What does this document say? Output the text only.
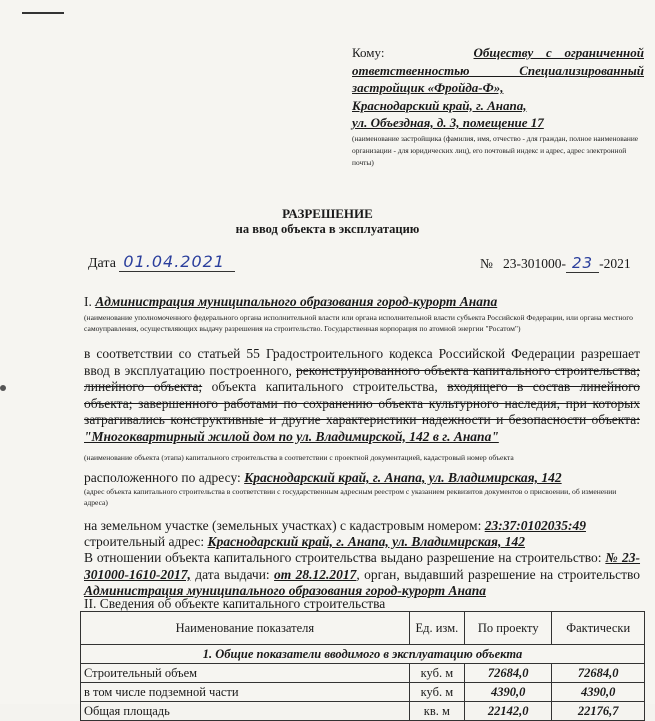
Кому:	Обществу с ограниченной
ответственностью Специализированный
застройщик «Фройда-Ф»,
Краснодарский край, г. Анапа,
ул. Объездная, д. 3, помещение 17
(наименование застройщика (фамилия, имя, отчество - для граждан, полное наименование организации - для юридических лиц), его почтовый индекс и адрес, адрес электронной почты)
РАЗРЕШЕНИЕ
на ввод объекта в эксплуатацию
Дата 01.04.2021	№ 23-301000- 23 -2021
I. Администрация муниципального образования город-курорт Анапа
(наименование уполномоченного федерального органа исполнительной власти или органа исполнительной власти субъекта Российской Федерации, или органа местного самоуправления, осуществляющих выдачу разрешения на строительство. Государственная корпорация по атомной энергии "Росатом")
в соответствии со статьей 55 Градостроительного кодекса Российской Федерации разрешает ввод в эксплуатацию построенного, реконструированного объекта капитального строительства; линейного объекта; объекта капитального строительства, входящего в состав линейного объекта; завершенного работами по сохранению объекта культурного наследия, при которых затрагивались конструктивные и другие характеристики надежности и безопасности объекта: "Многоквартирный жилой дом по ул. Владимирской, 142 в г. Анапа"
(наименование объекта (этапа) капитального строительства в соответствии с проектной документацией, кадастровый номер объекта
расположенного по адресу: Краснодарский край, г. Анапа, ул. Владимирская, 142
(адрес объекта капитального строительства в соответствии с государственным адресным реестром с указанием реквизитов документов о присвоении, об изменении адреса)
на земельном участке (земельных участках) с кадастровым номером: 23:37:0102035:49
строительный адрес: Краснодарский край, г. Анапа, ул. Владимирская, 142
В отношении объекта капитального строительства выдано разрешение на строительство: № 23-301000-1610-2017, дата выдачи: от 28.12.2017, орган, выдавший разрешение на строительство Администрация муниципального образования город-курорт Анапа
II. Сведения об объекте капитального строительства
Наименование показателя	Ед. изм.	По проекту	Фактически
1. Общие показатели вводимого в эксплуатацию объекта			
Строительный объем	куб. м	72684,0	72684,0
в том числе подземной части	куб. м	4390,0	4390,0
Общая площадь	кв. м	22142,0	22176,7
